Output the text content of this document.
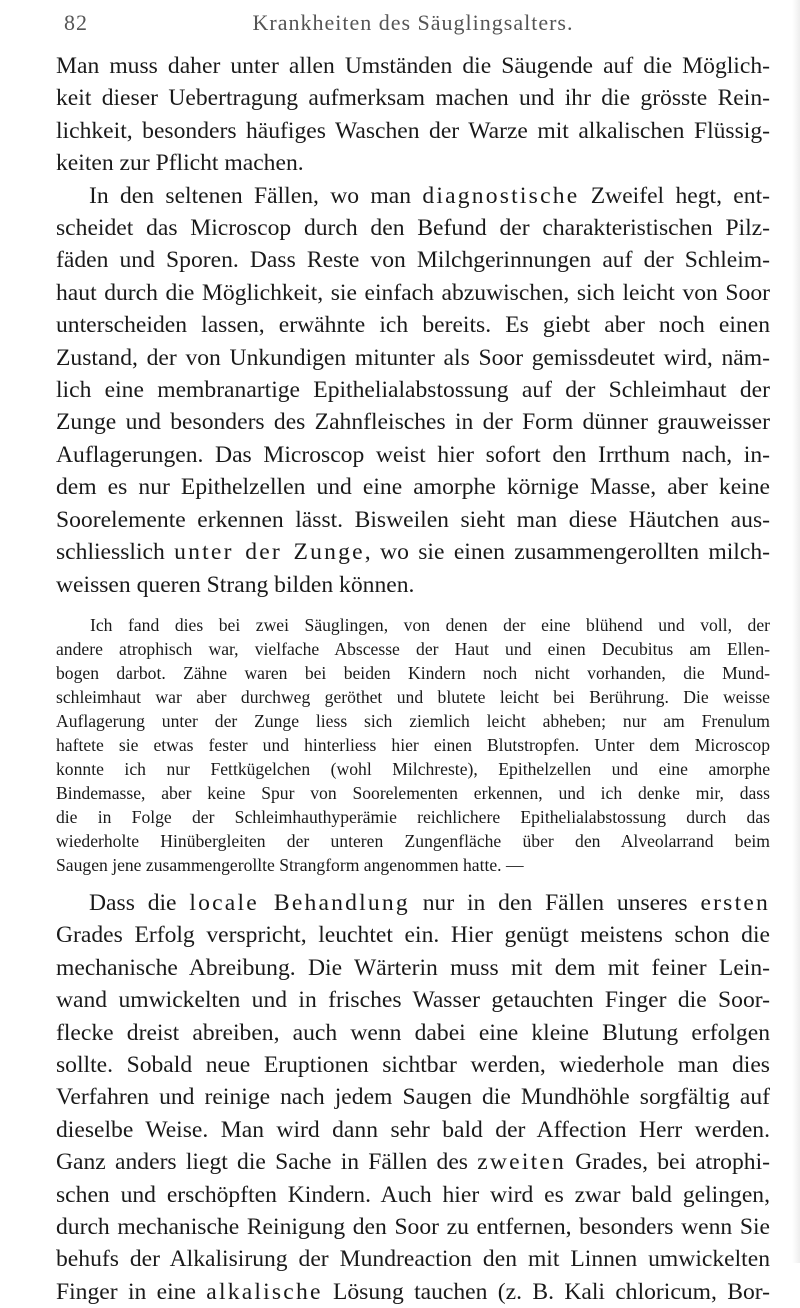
82	Krankheiten des Säuglingsalters.
Man muss daher unter allen Umständen die Säugende auf die Möglich-
keit dieser Uebertragung aufmerksam machen und ihr die grösste Rein-
lichkeit, besonders häufiges Waschen der Warze mit alkalischen Flüssig-
keiten zur Pflicht machen.
In den seltenen Fällen, wo man diagnostische Zweifel hegt, ent-
scheidet das Microscop durch den Befund der charakteristischen Pilz-
fäden und Sporen. Dass Reste von Milchgerinnungen auf der Schleim-
haut durch die Möglichkeit, sie einfach abzuwischen, sich leicht von Soor
unterscheiden lassen, erwähnte ich bereits. Es giebt aber noch einen
Zustand, der von Unkundigen mitunter als Soor gemissdeutet wird, näm-
lich eine membranartige Epithelialabstossung auf der Schleimhaut der
Zunge und besonders des Zahnfleisches in der Form dünner grauweisser
Auflagerungen. Das Microscop weist hier sofort den Irrthum nach, in-
dem es nur Epithelzellen und eine amorphe körnige Masse, aber keine
Soorelemente erkennen lässt. Bisweilen sieht man diese Häutchen aus-
schliesslich unter der Zunge, wo sie einen zusammengerollten milch-
weissen queren Strang bilden können.
Ich fand dies bei zwei Säuglingen, von denen der eine blühend und voll, der
andere atrophisch war, vielfache Abscesse der Haut und einen Decubitus am Ellen-
bogen darbot. Zähne waren bei beiden Kindern noch nicht vorhanden, die Mund-
schleimhaut war aber durchweg geröthet und blutete leicht bei Berührung. Die weisse
Auflagerung unter der Zunge liess sich ziemlich leicht abheben; nur am Frenulum
haftete sie etwas fester und hinterliess hier einen Blutstropfen. Unter dem Microscop
konnte ich nur Fettkügelchen (wohl Milchreste), Epithelzellen und eine amorphe
Bindemasse, aber keine Spur von Soorelementen erkennen, und ich denke mir, dass
die in Folge der Schleimhauthyperämie reichlichere Epithelialabstossung durch das
wiederholte Hinübergleiten der unteren Zungenfläche über den Alveolarrand beim
Saugen jene zusammengerollte Strangform angenommen hatte. —
Dass die locale Behandlung nur in den Fällen unseres ersten
Grades Erfolg verspricht, leuchtet ein. Hier genügt meistens schon die
mechanische Abreibung. Die Wärterin muss mit dem mit feiner Lein-
wand umwickelten und in frisches Wasser getauchten Finger die Soor-
flecke dreist abreiben, auch wenn dabei eine kleine Blutung erfolgen
sollte. Sobald neue Eruptionen sichtbar werden, wiederhole man dies
Verfahren und reinige nach jedem Saugen die Mundhöhle sorgfältig auf
dieselbe Weise. Man wird dann sehr bald der Affection Herr werden.
Ganz anders liegt die Sache in Fällen des zweiten Grades, bei atrophi-
schen und erschöpften Kindern. Auch hier wird es zwar bald gelingen,
durch mechanische Reinigung den Soor zu entfernen, besonders wenn Sie
behufs der Alkalisirung der Mundreaction den mit Linnen umwickelten
Finger in eine alkalische Lösung tauchen (z. B. Kali chloricum, Bor-
